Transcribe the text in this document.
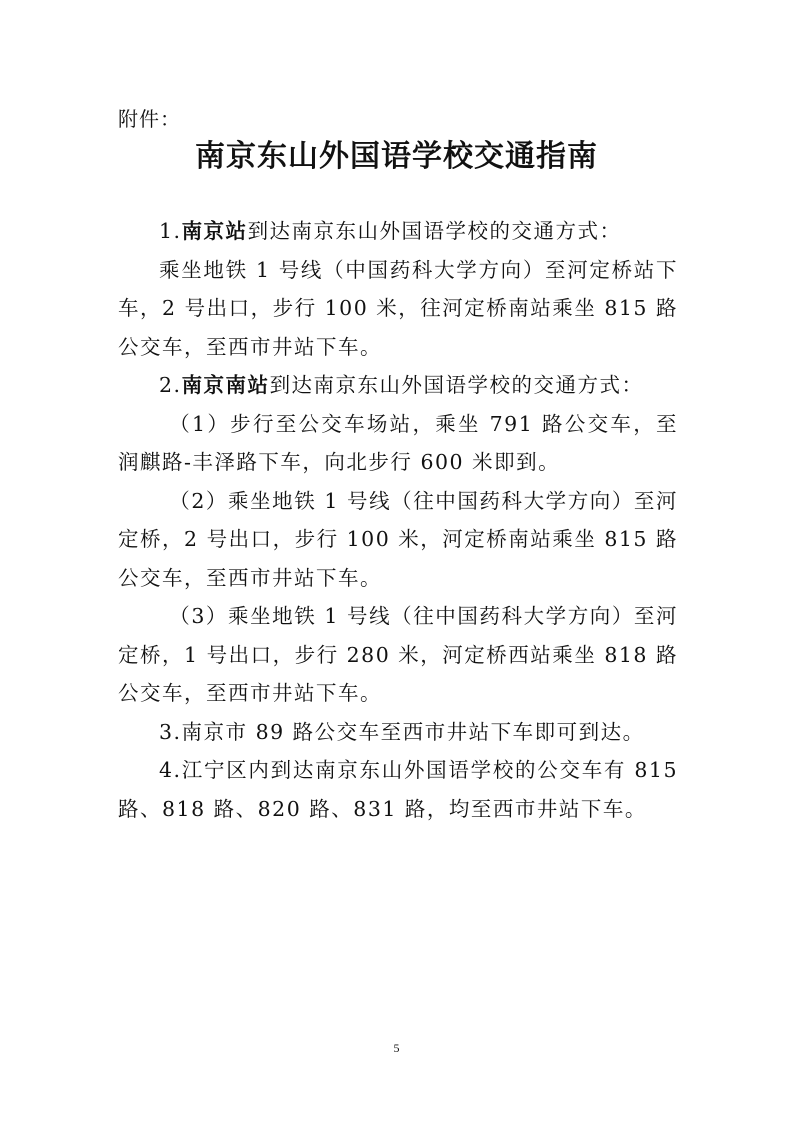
附件：
南京东山外国语学校交通指南

1.南京站到达南京东山外国语学校的交通方式：

乘坐地铁 1 号线（中国药科大学方向）至河定桥站下车，2 号出口，步行 100 米，往河定桥南站乘坐 815 路公交车，至西市井站下车。

2.南京南站到达南京东山外国语学校的交通方式：

（1）步行至公交车场站，乘坐 791 路公交车，至润麒路-丰泽路下车，向北步行 600 米即到。

（2）乘坐地铁 1 号线（往中国药科大学方向）至河定桥，2 号出口，步行 100 米，河定桥南站乘坐 815 路公交车，至西市井站下车。

（3）乘坐地铁 1 号线（往中国药科大学方向）至河定桥，1 号出口，步行 280 米，河定桥西站乘坐 818 路公交车，至西市井站下车。

3.南京市 89 路公交车至西市井站下车即可到达。

4.江宁区内到达南京东山外国语学校的公交车有 815 路、818 路、820 路、831 路，均至西市井站下车。

5
